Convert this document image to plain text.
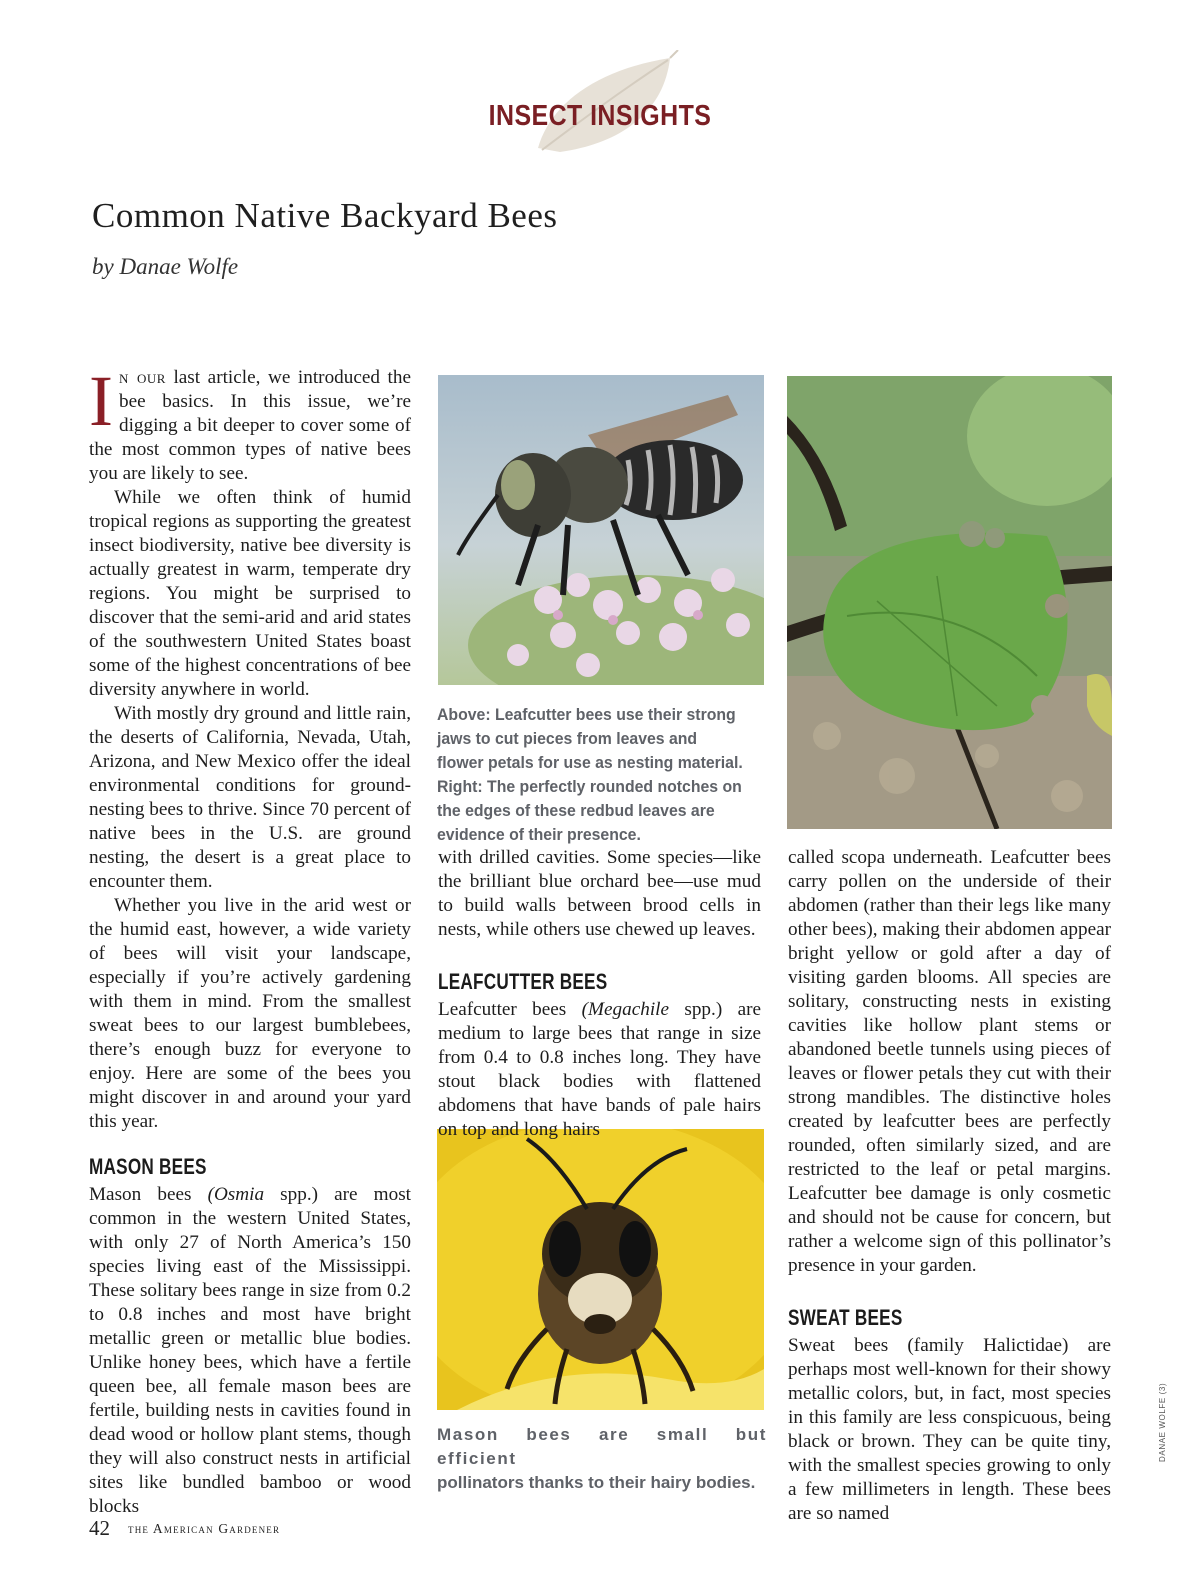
INSECT INSIGHTS
Common Native Backyard Bees
by Danae Wolfe

In our last article, we introduced the bee basics. In this issue, we’re digging a bit deeper to cover some of the most common types of native bees you are likely to see.

While we often think of humid tropical regions as supporting the greatest insect biodiversity, native bee diversity is actually greatest in warm, temperate dry regions. You might be surprised to discover that the semi-arid and arid states of the southwestern United States boast some of the highest concentrations of bee diversity anywhere in world.

With mostly dry ground and little rain, the deserts of California, Nevada, Utah, Arizona, and New Mexico offer the ideal environmental conditions for ground-nesting bees to thrive. Since 70 percent of native bees in the U.S. are ground nesting, the desert is a great place to encounter them.

Whether you live in the arid west or the humid east, however, a wide variety of bees will visit your landscape, especially if you’re actively gardening with them in mind. From the smallest sweat bees to our largest bumblebees, there’s enough buzz for everyone to enjoy. Here are some of the bees you might discover in and around your yard this year.

MASON BEES

Mason bees (Osmia spp.) are most common in the western United States, with only 27 of North America’s 150 species living east of the Mississippi. These solitary bees range in size from 0.2 to 0.8 inches and most have bright metallic green or metallic blue bodies. Unlike honey bees, which have a fertile queen bee, all female mason bees are fertile, building nests in cavities found in dead wood or hollow plant stems, though they will also construct nests in artificial sites like bundled bamboo or wood blocks

Above: Leafcutter bees use their strong jaws to cut pieces from leaves and flower petals for use as nesting material. Right: The perfectly rounded notches on the edges of these redbud leaves are evidence of their presence.
Mason bees are small but efficient
pollinators thanks to their hairy bodies.

with drilled cavities. Some species—like the brilliant blue orchard bee—use mud to build walls between brood cells in nests, while others use chewed up leaves.

LEAFCUTTER BEES

Leafcutter bees (Megachile spp.) are medium to large bees that range in size from 0.4 to 0.8 inches long. They have stout black bodies with flattened abdomens that have bands of pale hairs on top and long hairs

called scopa underneath. Leafcutter bees carry pollen on the underside of their abdomen (rather than their legs like many other bees), making their abdomen appear bright yellow or gold after a day of visiting garden blooms. All species are solitary, constructing nests in existing cavities like hollow plant stems or abandoned beetle tunnels using pieces of leaves or flower petals they cut with their strong mandibles. The distinctive holes created by leafcutter bees are perfectly rounded, often similarly sized, and are restricted to the leaf or petal margins. Leafcutter bee damage is only cosmetic and should not be cause for concern, but rather a welcome sign of this pollinator’s presence in your garden.

SWEAT BEES

Sweat bees (family Halictidae) are perhaps most well-known for their showy metallic colors, but, in fact, most species in this family are less conspicuous, being black or brown. They can be quite tiny, with the smallest species growing to only a few millimeters in length. These bees are so named

DANAE WOLFE (3)
42 the American Gardener
